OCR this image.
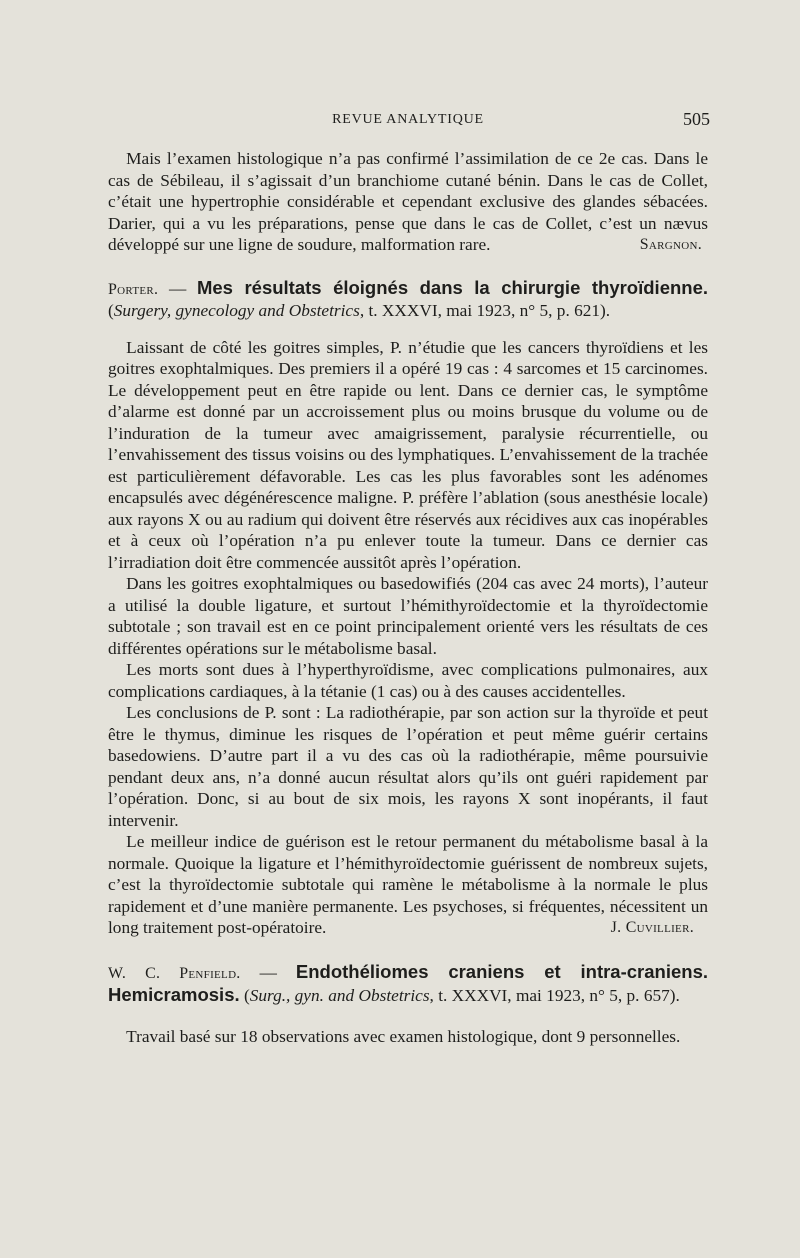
REVUE ANALYTIQUE	505

Mais l’examen histologique n’a pas confirmé l’assimilation de ce 2e cas. Dans le cas de Sébileau, il s’agissait d’un branchiome cutané bénin. Dans le cas de Collet, c’était une hypertrophie considérable et cependant exclusive des glandes sébacées. Darier, qui a vu les préparations, pense que dans le cas de Collet, c’est un nævus développé sur une ligne de soudure, malformation rare.	Sargnon.

Porter. — Mes résultats éloignés dans la chirurgie thyroïdienne. (Surgery, gynecology and Obstetrics, t. XXXVI, mai 1923, n° 5, p. 621).

Laissant de côté les goitres simples, P. n’étudie que les cancers thyroïdiens et les goitres exophtalmiques. Des premiers il a opéré 19 cas : 4 sarcomes et 15 carcinomes. Le développement peut en être rapide ou lent. Dans ce dernier cas, le symptôme d’alarme est donné par un accroissement plus ou moins brusque du volume ou de l’induration de la tumeur avec amaigrissement, paralysie récurrentielle, ou l’envahissement des tissus voisins ou des lymphatiques. L’envahissement de la trachée est particulièrement défavorable. Les cas les plus favorables sont les adénomes encapsulés avec dégénérescence maligne. P. préfère l’ablation (sous anesthésie locale) aux rayons X ou au radium qui doivent être réservés aux récidives aux cas inopérables et à ceux où l’opération n’a pu enlever toute la tumeur. Dans ce dernier cas l’irradiation doit être commencée aussitôt après l’opération.

Dans les goitres exophtalmiques ou basedowifiés (204 cas avec 24 morts), l’auteur a utilisé la double ligature, et surtout l’hémithyroïdectomie et la thyroïdectomie subtotale ; son travail est en ce point principalement orienté vers les résultats de ces différentes opérations sur le métabolisme basal.

Les morts sont dues à l’hyperthyroïdisme, avec complications pulmonaires, aux complications cardiaques, à la tétanie (1 cas) ou à des causes accidentelles.

Les conclusions de P. sont : La radiothérapie, par son action sur la thyroïde et peut être le thymus, diminue les risques de l’opération et peut même guérir certains basedowiens. D’autre part il a vu des cas où la radiothérapie, même poursuivie pendant deux ans, n’a donné aucun résultat alors qu’ils ont guéri rapidement par l’opération. Donc, si au bout de six mois, les rayons X sont inopérants, il faut intervenir.

Le meilleur indice de guérison est le retour permanent du métabolisme basal à la normale. Quoique la ligature et l’hémithyroïdectomie guérissent de nombreux sujets, c’est la thyroïdectomie subtotale qui ramène le métabolisme à la normale le plus rapidement et d’une manière permanente. Les psychoses, si fréquentes, nécessitent un long traitement post-opératoire.	J. Cuvillier.

W. C. Penfield. — Endothéliomes craniens et intra-craniens. Hemicramosis. (Surg., gyn. and Obstetrics, t. XXXVI, mai 1923, n° 5, p. 657).

Travail basé sur 18 observations avec examen histologique, dont 9 personnelles.
